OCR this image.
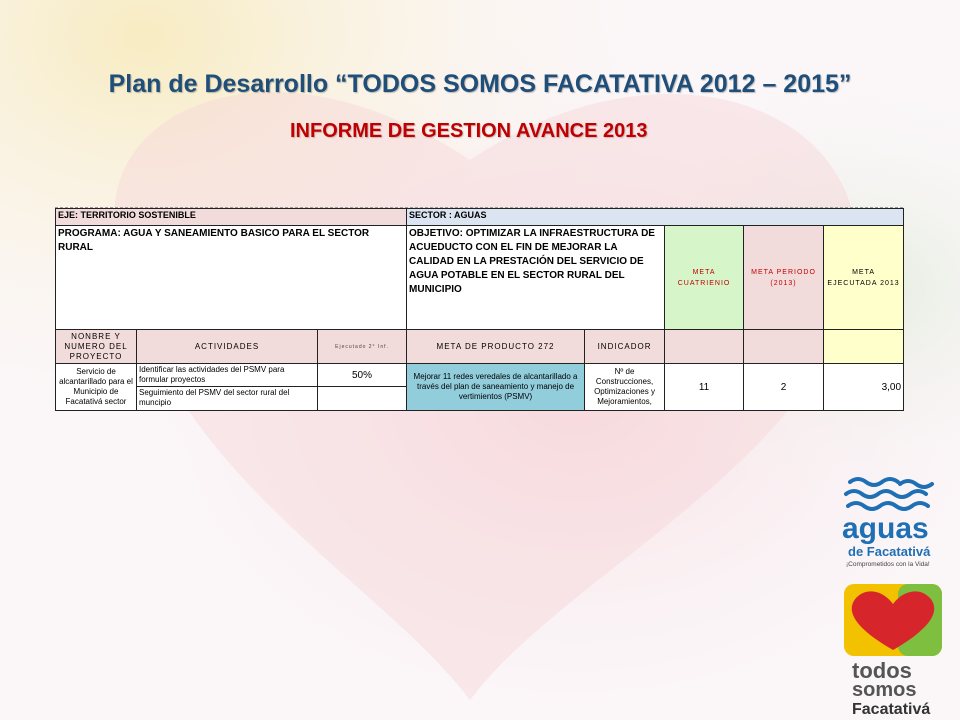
Plan de Desarrollo “TODOS SOMOS FACATATIVA 2012 – 2015”
INFORME DE GESTION AVANCE 2013
EJE: TERRITORIO SOSTENIBLE			SECTOR : AGUAS				
PROGRAMA: AGUA Y SANEAMIENTO BASICO PARA EL SECTOR RURAL			OBJETIVO: OPTIMIZAR LA INFRAESTRUCTURA DE ACUEDUCTO CON EL FIN DE MEJORAR LA CALIDAD EN LA PRESTACIÓN DEL SERVICIO DE AGUA POTABLE EN EL SECTOR RURAL DEL MUNICIPIO		META CUATRIENIO	META PERIODO (2013)	META EJECUTADA 2013
NONBRE Y NUMERO DEL PROYECTO	ACTIVIDADES	Ejecutado 2° Inf.	META DE PRODUCTO 272	INDICADOR			
Servicio de alcantarillado para el Municipio de Facatativá sector	Identificar las actividades del PSMV para formular proyectos	50%	Mejorar 11 redes veredales de alcantarillado a través del plan de saneamiento y manejo de vertimientos (PSMV)	Nº de Construcciones, Optimizaciones y Mejoramientos,	11	2	3,00
	Seguimiento del PSMV del sector rural del muncipio						
aguas
de Facatativá
¡Comprometidos con la Vida!
todos
somos
Facatativá
